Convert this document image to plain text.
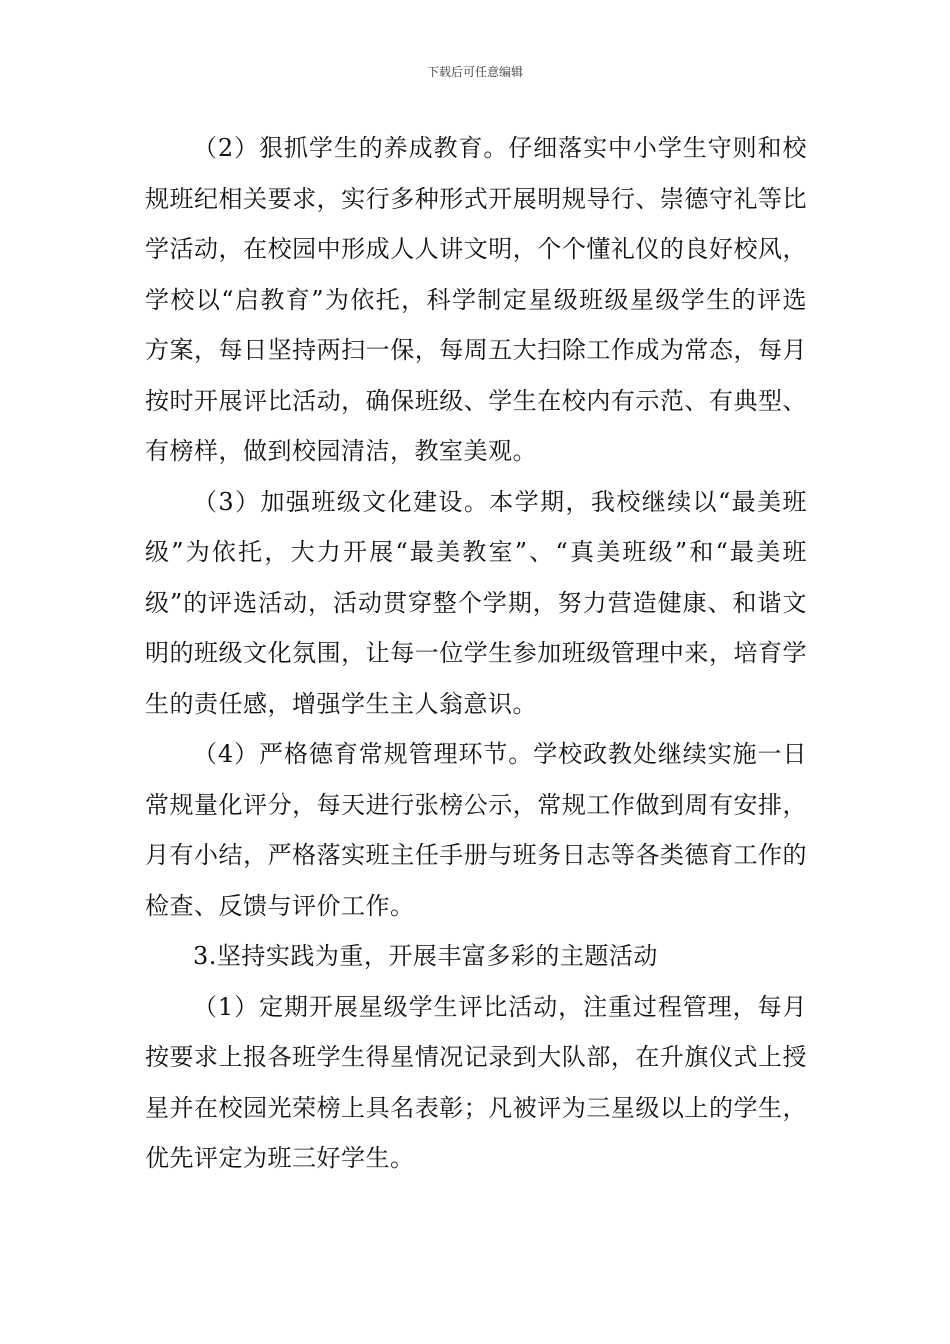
下载后可任意编辑

（2）狠抓学生的养成教育。仔细落实中小学生守则和校规班纪相关要求，实行多种形式开展明规导行、崇德守礼等比学活动，在校园中形成人人讲文明，个个懂礼仪的良好校风，学校以“启教育”为依托，科学制定星级班级星级学生的评选方案，每日坚持两扫一保，每周五大扫除工作成为常态，每月按时开展评比活动，确保班级、学生在校内有示范、有典型、有榜样，做到校园清洁，教室美观。

（3）加强班级文化建设。本学期，我校继续以“最美班级”为依托，大力开展“最美教室”、“真美班级”和“最美班级”的评选活动，活动贯穿整个学期，努力营造健康、和谐文明的班级文化氛围，让每一位学生参加班级管理中来，培育学生的责任感，增强学生主人翁意识。

（4）严格德育常规管理环节。学校政教处继续实施一日常规量化评分，每天进行张榜公示，常规工作做到周有安排，月有小结，严格落实班主任手册与班务日志等各类德育工作的检查、反馈与评价工作。

3.坚持实践为重，开展丰富多彩的主题活动

（1）定期开展星级学生评比活动，注重过程管理，每月按要求上报各班学生得星情况记录到大队部，在升旗仪式上授星并在校园光荣榜上具名表彰；凡被评为三星级以上的学生，优先评定为班三好学生。
